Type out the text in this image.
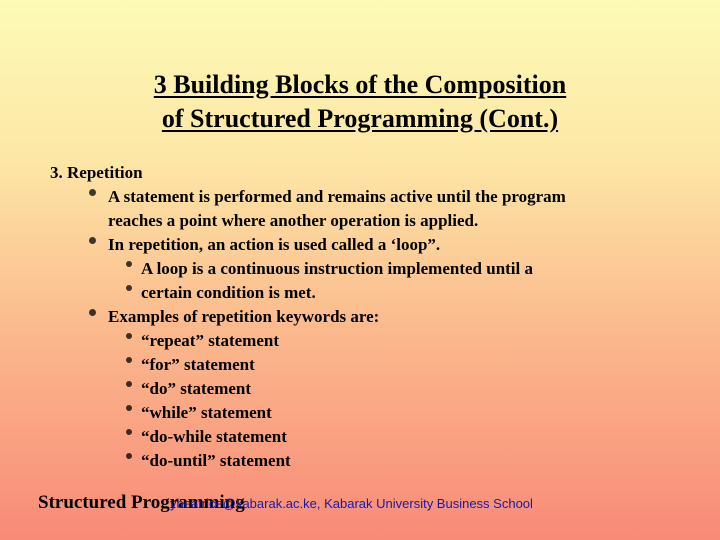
3 Building Blocks of the Composition
of Structured Programming (Cont.)
3. Repetition
A statement is performed and remains active until the program
reaches a point where another operation is applied.
In repetition, an action is used called a ‘loop”.
A loop is a continuous instruction implemented until a
certain condition is met.
Examples of repetition keywords are:
“repeat” statement
“for” statement
“do” statement
“while” statement
“do-while statement
“do-until” statement
Structured Programming
ybeatrice@kabarak.ac.ke, Kabarak University Business School
